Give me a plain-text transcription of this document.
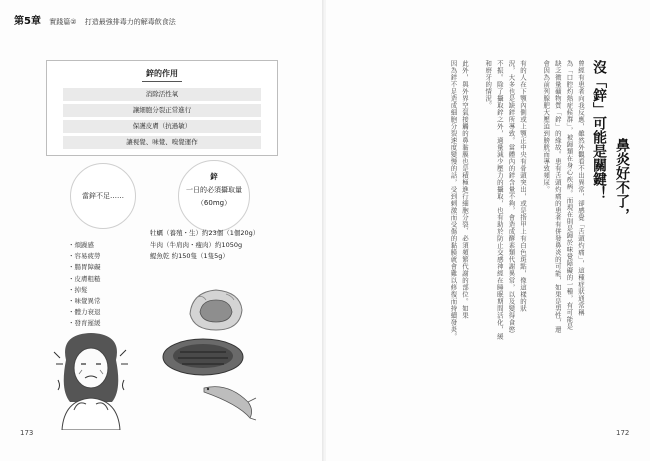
第5章 實踐篇② 打造最強排毒力的解毒飲食法
鋅的作用
消除活性氧
讓細胞分裂正常進行
保護皮膚（抗過敏）
讓視覺、味覺、嗅覺運作
當鋅不足……
鋅
一日的必須攝取量
（60mg）
・煩躁感
・容易疲勞
・腸胃障礙
・皮膚粗糙
・掉髮
・味覺異常
・體力衰退
・發育遲緩
牡蠣（養殖・生）約23個（1個20g）
牛肉（牛肩肉・瘦肉）約1050g
鯷魚乾 約150隻（1隻5g）
173
鼻炎好不了，
沒「鋅」可能是關鍵！
曾經有患者向我反應，雖然外觀看不出異常，卻感覺「舌頭灼痛」，這種症狀通常稱
為「口腔灼熱症候群」，被歸類在身心疾病。而現在則是歸於味覺障礙的一種，有可能是
缺乏微量礦物質「鋅」的緣故。患有舌頭灼痛的患者有併發鼻炎的可能，如果是男性，還
會因為前列腺肥大壓迫到膀胱而導致頻尿。
有的人在下顎內側或上顎正中央有骨頭突出，或是指甲上有白色斑點，像這樣的狀
況，大多也是缺鋅所導致。當體內的鋅含量不夠，會造成酵素類代謝異常，以及變得食慾
不振。除了攝取鋅之外，適量減少壓力的攝取，也有助於防止交感神經在睡眠期間活化，緩
和磨牙的情況。
此外，與外界空氣接觸的鼻黏膜也是積極進行細胞分裂、必須頻繁代謝的部位。如果
因為鋅不足造成細胞分裂速度變慢的話，受到刺激而受傷的黏膜就會難以修復而持續發炎。
172
